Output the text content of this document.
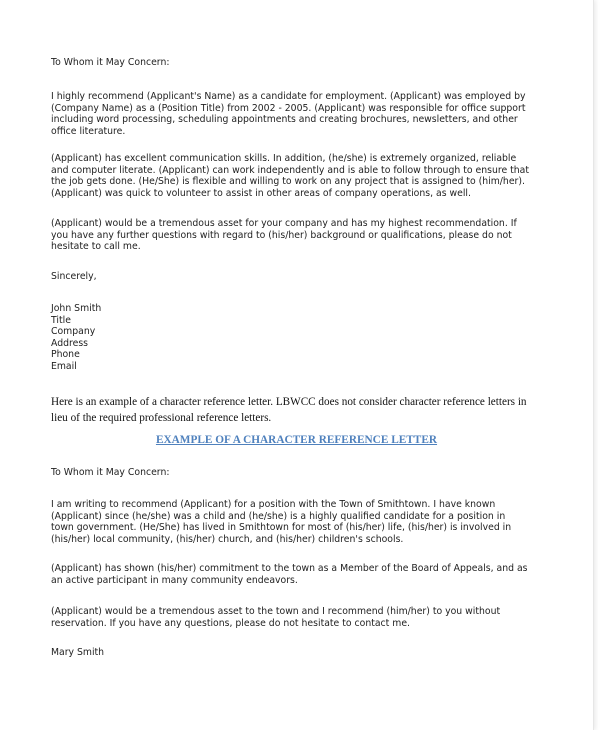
To Whom it May Concern:
I highly recommend (Applicant's Name) as a candidate for employment. (Applicant) was employed by
(Company Name) as a (Position Title) from 2002 - 2005. (Applicant) was responsible for office support
including word processing, scheduling appointments and creating brochures, newsletters, and other
office literature.
(Applicant) has excellent communication skills. In addition, (he/she) is extremely organized, reliable
and computer literate. (Applicant) can work independently and is able to follow through to ensure that
the job gets done. (He/She) is flexible and willing to work on any project that is assigned to (him/her).
(Applicant) was quick to volunteer to assist in other areas of company operations, as well.
(Applicant) would be a tremendous asset for your company and has my highest recommendation. If
you have any further questions with regard to (his/her) background or qualifications, please do not
hesitate to call me.
Sincerely,
John Smith
Title
Company
Address
Phone
Email
Here is an example of a character reference letter. LBWCC does not consider character reference letters in
lieu of the required professional reference letters.
EXAMPLE OF A CHARACTER REFERENCE LETTER
To Whom it May Concern:
I am writing to recommend (Applicant) for a position with the Town of Smithtown. I have known
(Applicant) since (he/she) was a child and (he/she) is a highly qualified candidate for a position in
town government. (He/She) has lived in Smithtown for most of (his/her) life, (his/her) is involved in
(his/her) local community, (his/her) church, and (his/her) children's schools.
(Applicant) has shown (his/her) commitment to the town as a Member of the Board of Appeals, and as
an active participant in many community endeavors.
(Applicant) would be a tremendous asset to the town and I recommend (him/her) to you without
reservation. If you have any questions, please do not hesitate to contact me.
Mary Smith
